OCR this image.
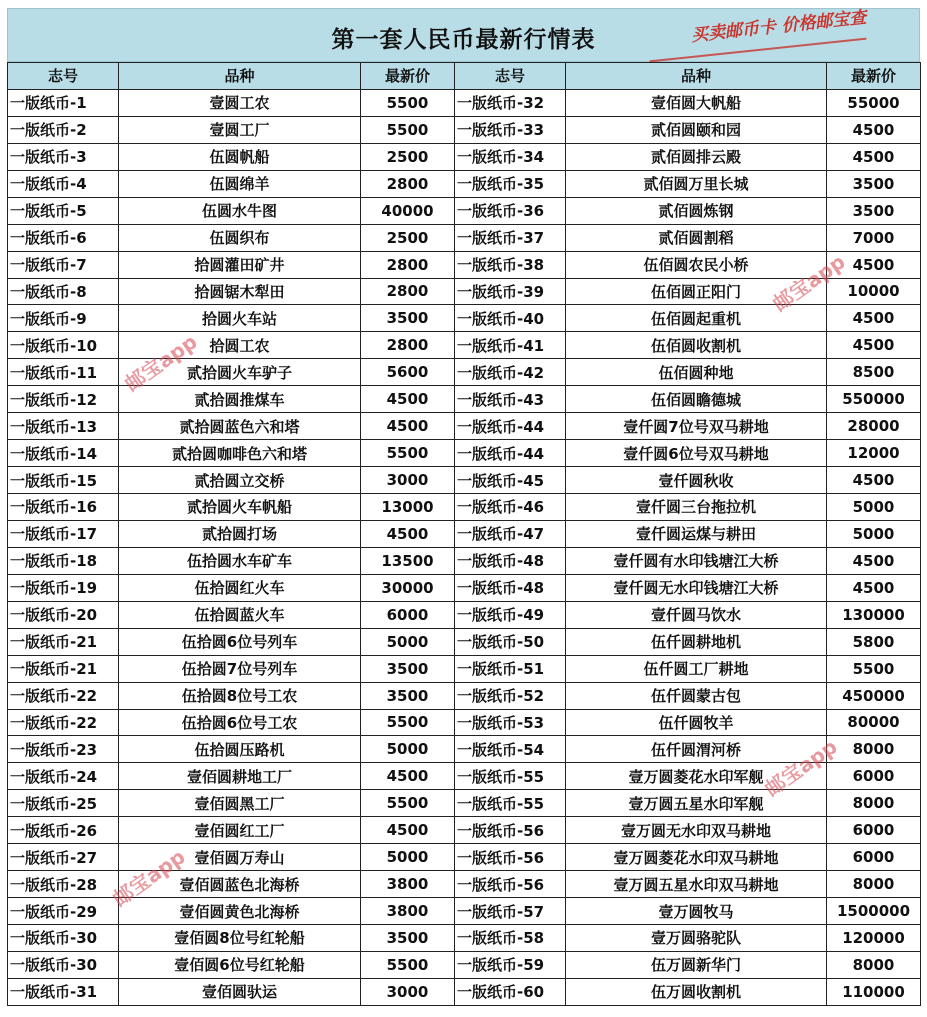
第一套人民币最新行情表	买卖邮币卡 价格邮宝查
志号	品种	最新价	志号	品种	最新价
一版纸币-1	壹圆工农	5500	一版纸币-32	壹佰圆大帆船	55000
一版纸币-2	壹圆工厂	5500	一版纸币-33	贰佰圆颐和园	4500
一版纸币-3	伍圆帆船	2500	一版纸币-34	贰佰圆排云殿	4500
一版纸币-4	伍圆绵羊	2800	一版纸币-35	贰佰圆万里长城	3500
一版纸币-5	伍圆水牛图	40000	一版纸币-36	贰佰圆炼钢	3500
一版纸币-6	伍圆织布	2500	一版纸币-37	贰佰圆割稻	7000
一版纸币-7	拾圆灌田矿井	2800	一版纸币-38	伍佰圆农民小桥	4500
一版纸币-8	拾圆锯木犁田	2800	一版纸币-39	伍佰圆正阳门	10000
一版纸币-9	拾圆火车站	3500	一版纸币-40	伍佰圆起重机	4500
一版纸币-10	拾圆工农	2800	一版纸币-41	伍佰圆收割机	4500
一版纸币-11	贰拾圆火车驴子	5600	一版纸币-42	伍佰圆种地	8500
一版纸币-12	贰拾圆推煤车	4500	一版纸币-43	伍佰圆瞻德城	550000
一版纸币-13	贰拾圆蓝色六和塔	4500	一版纸币-44	壹仟圆7位号双马耕地	28000
一版纸币-14	贰拾圆咖啡色六和塔	5500	一版纸币-44	壹仟圆6位号双马耕地	12000
一版纸币-15	贰拾圆立交桥	3000	一版纸币-45	壹仟圆秋收	4500
一版纸币-16	贰拾圆火车帆船	13000	一版纸币-46	壹仟圆三台拖拉机	5000
一版纸币-17	贰拾圆打场	4500	一版纸币-47	壹仟圆运煤与耕田	5000
一版纸币-18	伍拾圆水车矿车	13500	一版纸币-48	壹仟圆有水印钱塘江大桥	4500
一版纸币-19	伍拾圆红火车	30000	一版纸币-48	壹仟圆无水印钱塘江大桥	4500
一版纸币-20	伍拾圆蓝火车	6000	一版纸币-49	壹仟圆马饮水	130000
一版纸币-21	伍拾圆6位号列车	5000	一版纸币-50	伍仟圆耕地机	5800
一版纸币-21	伍拾圆7位号列车	3500	一版纸币-51	伍仟圆工厂耕地	5500
一版纸币-22	伍拾圆8位号工农	3500	一版纸币-52	伍仟圆蒙古包	450000
一版纸币-22	伍拾圆6位号工农	5500	一版纸币-53	伍仟圆牧羊	80000
一版纸币-23	伍拾圆压路机	5000	一版纸币-54	伍仟圆渭河桥	8000
一版纸币-24	壹佰圆耕地工厂	4500	一版纸币-55	壹万圆菱花水印军舰	6000
一版纸币-25	壹佰圆黑工厂	5500	一版纸币-55	壹万圆五星水印军舰	8000
一版纸币-26	壹佰圆红工厂	4500	一版纸币-56	壹万圆无水印双马耕地	6000
一版纸币-27	壹佰圆万寿山	5000	一版纸币-56	壹万圆菱花水印双马耕地	6000
一版纸币-28	壹佰圆蓝色北海桥	3800	一版纸币-56	壹万圆五星水印双马耕地	8000
一版纸币-29	壹佰圆黄色北海桥	3800	一版纸币-57	壹万圆牧马	1500000
一版纸币-30	壹佰圆8位号红轮船	3500	一版纸币-58	壹万圆骆驼队	120000
一版纸币-30	壹佰圆6位号红轮船	5500	一版纸币-59	伍万圆新华门	8000
一版纸币-31	壹佰圆驮运	3000	一版纸币-60	伍万圆收割机	110000
邮宝app
邮宝app
邮宝app
邮宝app
